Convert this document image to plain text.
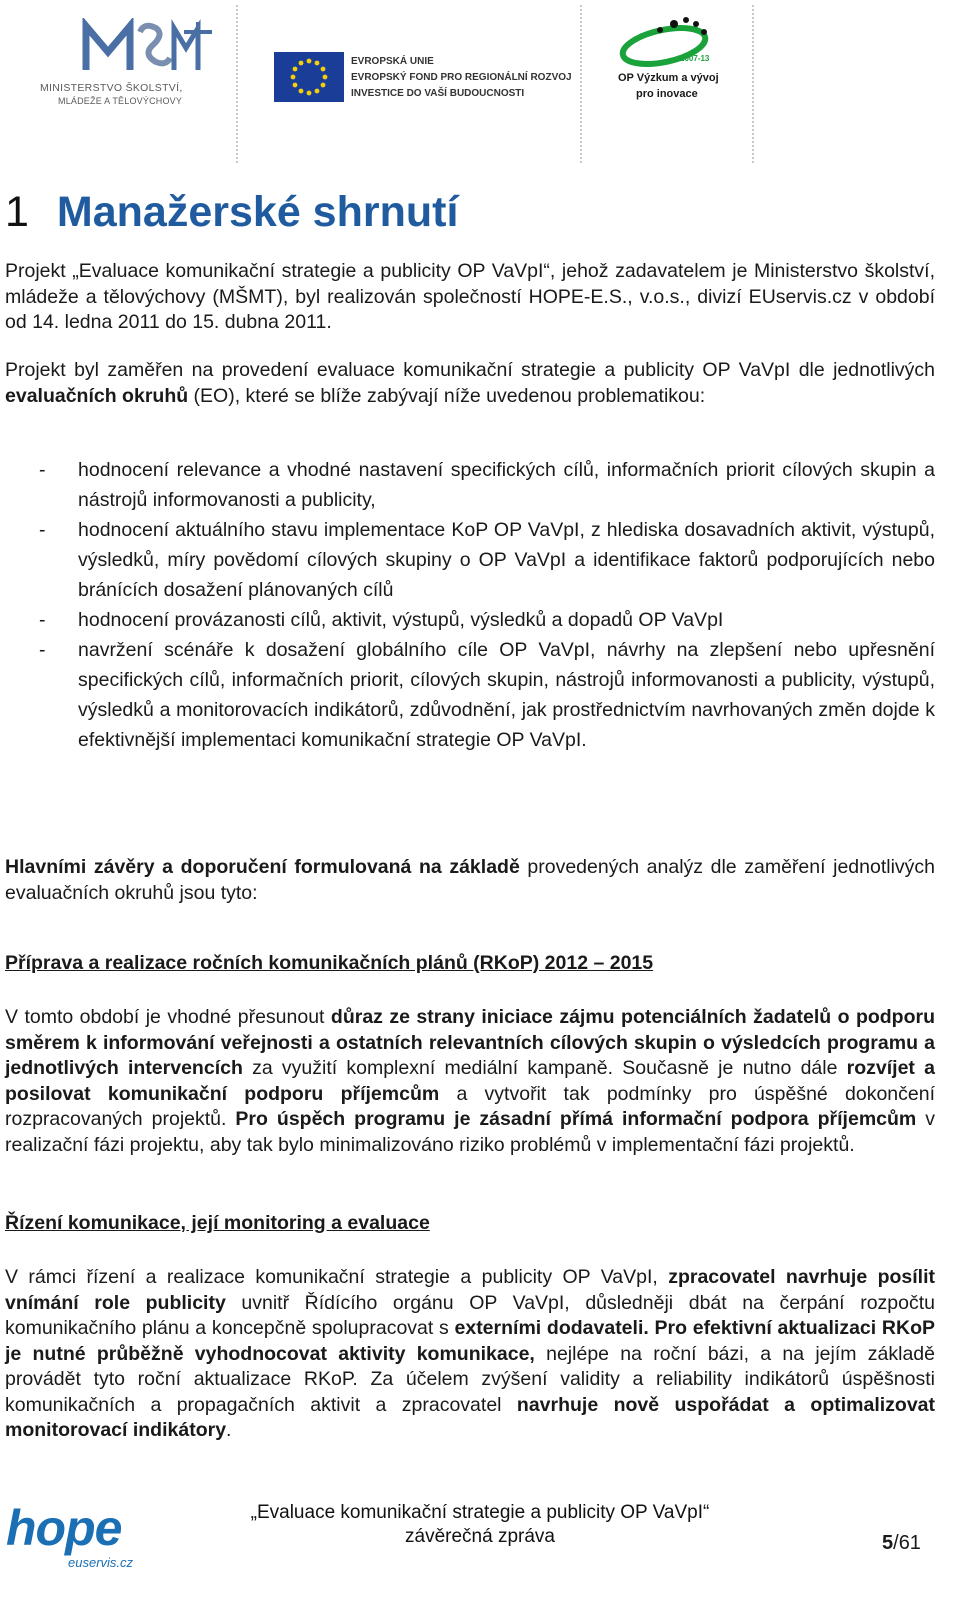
MINISTERSTVO ŠKOLSTVÍ,
MLÁDEŽE A TĚLOVÝCHOVY
EVROPSKÁ UNIE
EVROPSKÝ FOND PRO REGIONÁLNÍ ROZVOJ
INVESTICE DO VAŠÍ BUDOUCNOSTI
2007-13
OP Výzkum a vývoj
pro inovace
1 Manažerské shrnutí

Projekt „Evaluace komunikační strategie a publicity OP VaVpI“, jehož zadavatelem je Ministerstvo školství, mládeže a tělovýchovy (MŠMT), byl realizován společností HOPE-E.S., v.o.s., divizí EUservis.cz v období od 14. ledna 2011 do 15. dubna 2011.

Projekt byl zaměřen na provedení evaluace komunikační strategie a publicity OP VaVpI dle jednotlivých evaluačních okruhů (EO), které se blíže zabývají níže uvedenou problematikou:

- hodnocení relevance a vhodné nastavení specifických cílů, informačních priorit cílových skupin a nástrojů informovanosti a publicity,
- hodnocení aktuálního stavu implementace KoP OP VaVpI, z hlediska dosavadních aktivit, výstupů, výsledků, míry povědomí cílových skupiny o OP VaVpI a identifikace faktorů podporujících nebo bránících dosažení plánovaných cílů
- hodnocení provázanosti cílů, aktivit, výstupů, výsledků a dopadů OP VaVpI
- navržení scénáře k dosažení globálního cíle OP VaVpI, návrhy na zlepšení nebo upřesnění specifických cílů, informačních priorit, cílových skupin, nástrojů informovanosti a publicity, výstupů, výsledků a monitorovacích indikátorů, zdůvodnění, jak prostřednictvím navrhovaných změn dojde k efektivnější implementaci komunikační strategie OP VaVpI.

Hlavními závěry a doporučení formulovaná na základě provedených analýz dle zaměření jednotlivých evaluačních okruhů jsou tyto:

Příprava a realizace ročních komunikačních plánů (RKoP) 2012 – 2015

V tomto období je vhodné přesunout důraz ze strany iniciace zájmu potenciálních žadatelů o podporu směrem k informování veřejnosti a ostatních relevantních cílových skupin o výsledcích programu a jednotlivých intervencích za využití komplexní mediální kampaně. Současně je nutno dále rozvíjet a posilovat komunikační podporu příjemcům a vytvořit tak podmínky pro úspěšné dokončení rozpracovaných projektů. Pro úspěch programu je zásadní přímá informační podpora příjemcům v realizační fázi projektu, aby tak bylo minimalizováno riziko problémů v implementační fázi projektů.

Řízení komunikace, její monitoring a evaluace

V rámci řízení a realizace komunikační strategie a publicity OP VaVpI, zpracovatel navrhuje posílit vnímání role publicity uvnitř Řídícího orgánu OP VaVpI, důsledněji dbát na čerpání rozpočtu komunikačního plánu a koncepčně spolupracovat s externími dodavateli. Pro efektivní aktualizaci RKoP je nutné průběžně vyhodnocovat aktivity komunikace, nejlépe na roční bázi, a na jejím základě provádět tyto roční aktualizace RKoP. Za účelem zvýšení validity a reliability indikátorů úspěšnosti komunikačních a propagačních aktivit a zpracovatel navrhuje nově uspořádat a optimalizovat monitorovací indikátory.

hope
euservis.cz
„Evaluace komunikační strategie a publicity OP VaVpI“
závěrečná zpráva	5/61
